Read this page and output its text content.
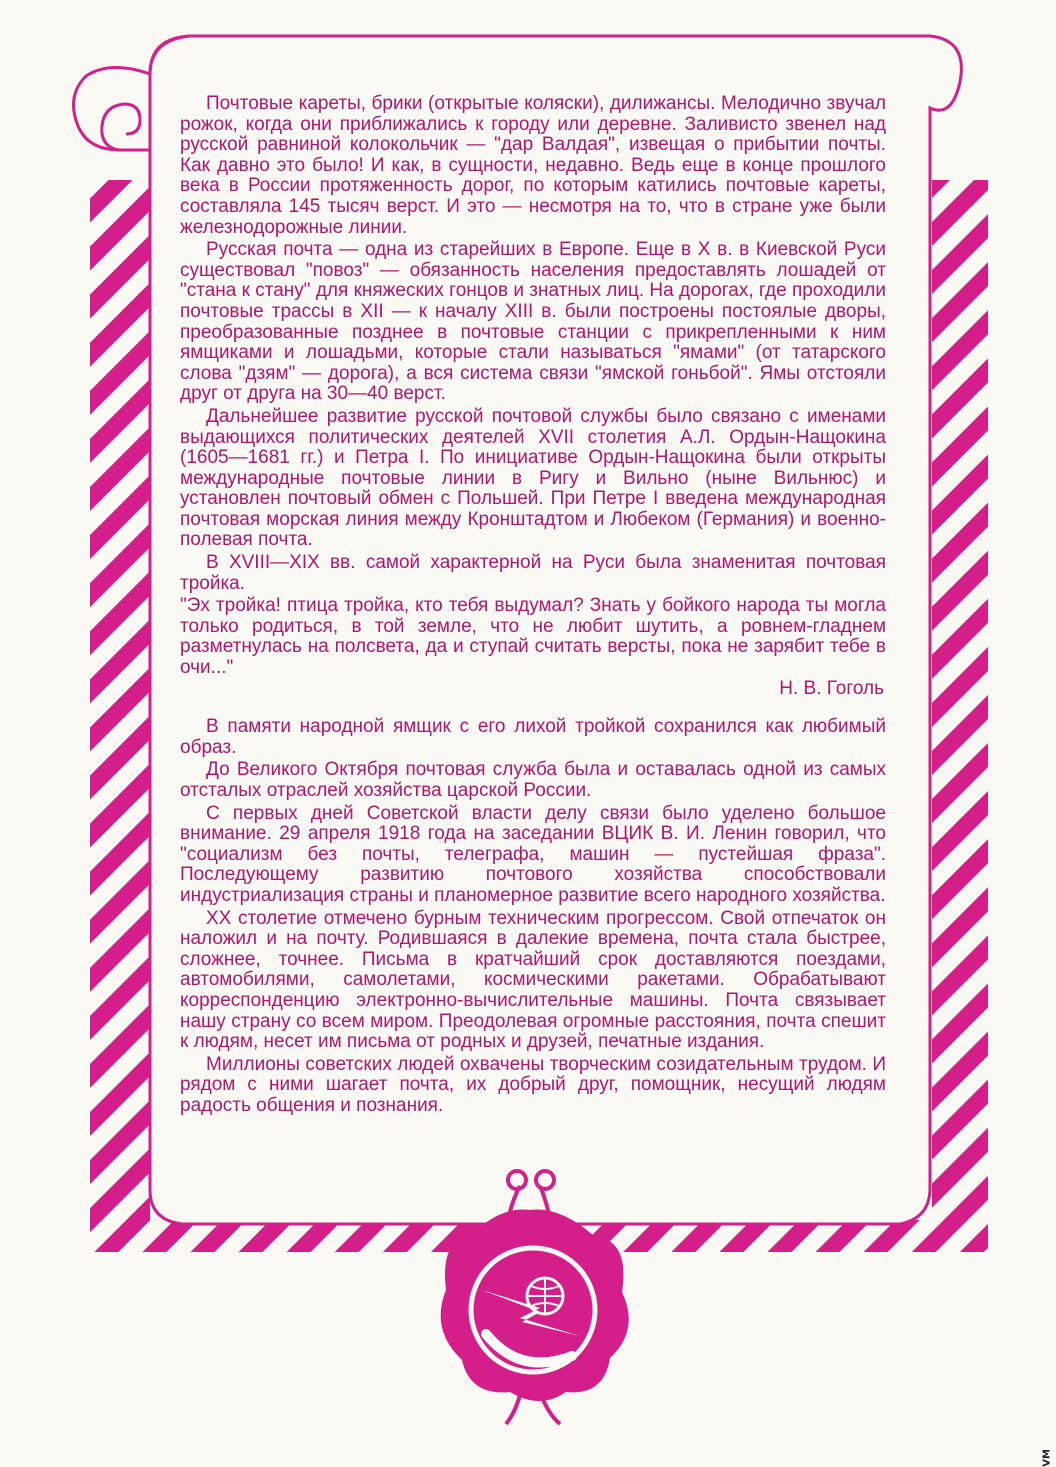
Почтовые кареты, брики (открытые коляски), дилижансы. Мелодично звучал рожок, когда они приближались к городу или деревне. Заливисто звенел над русской равниной колокольчик — "дар Валдая", извещая о прибытии почты. Как давно это было! И как, в сущности, недавно. Ведь еще в конце прошлого века в России протяженность дорог, по которым катились почтовые кареты, составляла 145 тысяч верст. И это — несмотря на то, что в стране уже были железнодорожные линии.

Русская почта — одна из старейших в Европе. Еще в X в. в Киевской Руси существовал "повоз" — обязанность населения предоставлять лошадей от "стана к стану" для княжеских гонцов и знатных лиц. На дорогах, где проходили почтовые трассы в XII — к началу XIII в. были построены постоялые дворы, преобразованные позднее в почтовые станции с прикрепленными к ним ямщиками и лошадьми, которые стали называться "ямами" (от татарского слова "дзям" — дорога), а вся система связи "ямской гоньбой". Ямы отстояли друг от друга на 30—40 верст.

Дальнейшее развитие русской почтовой службы было связано с именами выдающихся политических деятелей XVII столетия А.Л. Ордын-Нащокина (1605—1681 гг.) и Петра I. По инициативе Ордын-Нащокина были открыты международные почтовые линии в Ригу и Вильно (ныне Вильнюс) и установлен почтовый обмен с Польшей. При Петре I введена международная почтовая морская линия между Кронштадтом и Любеком (Германия) и военно-полевая почта.

В XVIII—XIX вв. самой характерной на Руси была знаменитая почтовая тройка.

"Эх тройка! птица тройка, кто тебя выдумал? Знать у бойкого народа ты могла только родиться, в той земле, что не любит шутить, а ровнем-гладнем разметнулась на полсвета, да и ступай считать версты, пока не зарябит тебе в очи..."

Н. В. Гоголь

В памяти народной ямщик с его лихой тройкой сохранился как любимый образ.

До Великого Октября почтовая служба была и оставалась одной из самых отсталых отраслей хозяйства царской России.

С первых дней Советской власти делу связи было уделено большое внимание. 29 апреля 1918 года на заседании ВЦИК В. И. Ленин говорил, что "социализм без почты, телеграфа, машин — пустейшая фраза". Последующему развитию почтового хозяйства способствовали индустриализация страны и планомерное развитие всего народного хозяйства.

XX столетие отмечено бурным техническим прогрессом. Свой отпечаток он наложил и на почту. Родившаяся в далекие времена, почта стала быстрее, сложнее, точнее. Письма в кратчайший срок доставляются поездами, автомобилями, самолетами, космическими ракетами. Обрабатывают корреспонденцию электронно-вычислительные машины. Почта связывает нашу страну со всем миром. Преодолевая огромные расстояния, почта спешит к людям, несет им письма от родных и друзей, печатные издания.

Миллионы советских людей охвачены творческим созидательным трудом. И рядом с ними шагает почта, их добрый друг, помощник, несущий людям радость общения и познания.

VM
